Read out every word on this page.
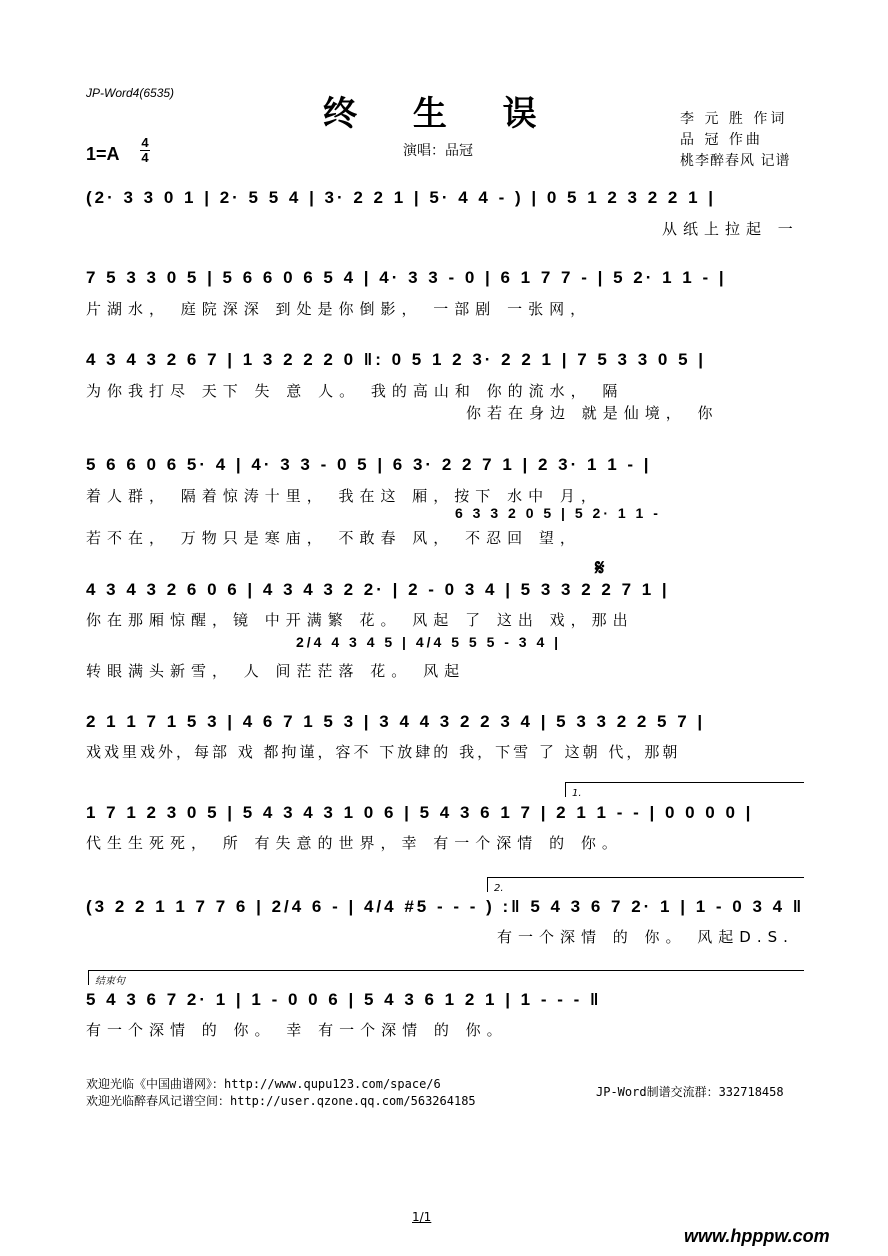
JP-Word4(6535)
终 生 误	李 元 胜 作词
品 冠 作曲
桃李醉春风 记谱
1=A
4
4	演唱：品冠
(2· 3 3 0 1 | 2· 5 5 4 | 3· 2 2 1 | 5· 4 4 - ) | 0 5 1 2 3 2 2 1 |
从纸上拉起 一
7 5 3 3 0 5 | 5 6 6 0 6 5 4 | 4· 3 3 - 0 | 6 1 7 7 - | 5 2· 1 1 - |
片湖水， 庭院深深 到处是你倒影， 一部剧 一张网，
4 3 4 3 2 6 7 | 1 3 2 2 2 0 ‖: 0 5 1 2 3· 2 2 1 | 7 5 3 3 0 5 |
为你我打尽 天下 失 意 人。 我的高山和 你的流水， 隔
你若在身边 就是仙境， 你
5 6 6 0 6 5· 4 | 4· 3 3 - 0 5 | 6 3· 2 2 7 1 | 2 3· 1 1 - |
着人群， 隔着惊涛十里， 我在这 厢，按下 水中 月，
6 3 3 2 0 5 | 5 2· 1 1 -
若不在， 万物只是寒庙， 不敢春 风， 不忍回 望，
𝄋
4 3 4 3 2 6 0 6 | 4 3 4 3 2 2· | 2 - 0 3 4 | 5 3 3 2 2 7 1 |
你在那厢惊醒，镜 中开满繁 花。 风起 了 这出 戏，那出
2/4 4 3 4 5 | 4/4 5 5 5 - 3 4 |
转眼满头新雪， 人 间茫茫落 花。 风起
2 1 1 7 1 5 3 | 4 6 7 1 5 3 | 3 4 4 3 2 2 3 4 | 5 3 3 2 2 5 7 |
戏戏里戏外，每部 戏 都拘谨，容不 下放肆的 我，下雪 了 这朝 代，那朝
1.
1 7 1 2 3 0 5 | 5 4 3 4 3 1 0 6 | 5 4 3 6 1 7 | 2 1 1 - - | 0 0 0 0 |
代生生死死， 所 有失意的世界，幸 有一个深情 的 你。
2.
(3 2 2 1 1 7 7 6 | 2/4 6 - | 4/4 #5 - - - ) :‖ 5 4 3 6 7 2· 1 | 1 - 0 3 4 ‖
有一个深情 的 你。 风起D.S.
结束句
5 4 3 6 7 2· 1 | 1 - 0 0 6 | 5 4 3 6 1 2 1 | 1 - - - ‖
有一个深情 的 你。 幸 有一个深情 的 你。
欢迎光临《中国曲谱网》：http://www.qupu123.com/space/6
欢迎光临醉春风记谱空间：http://user.qzone.qq.com/563264185
JP-Word制谱交流群：332718458
1/1
www.hpppw.com
